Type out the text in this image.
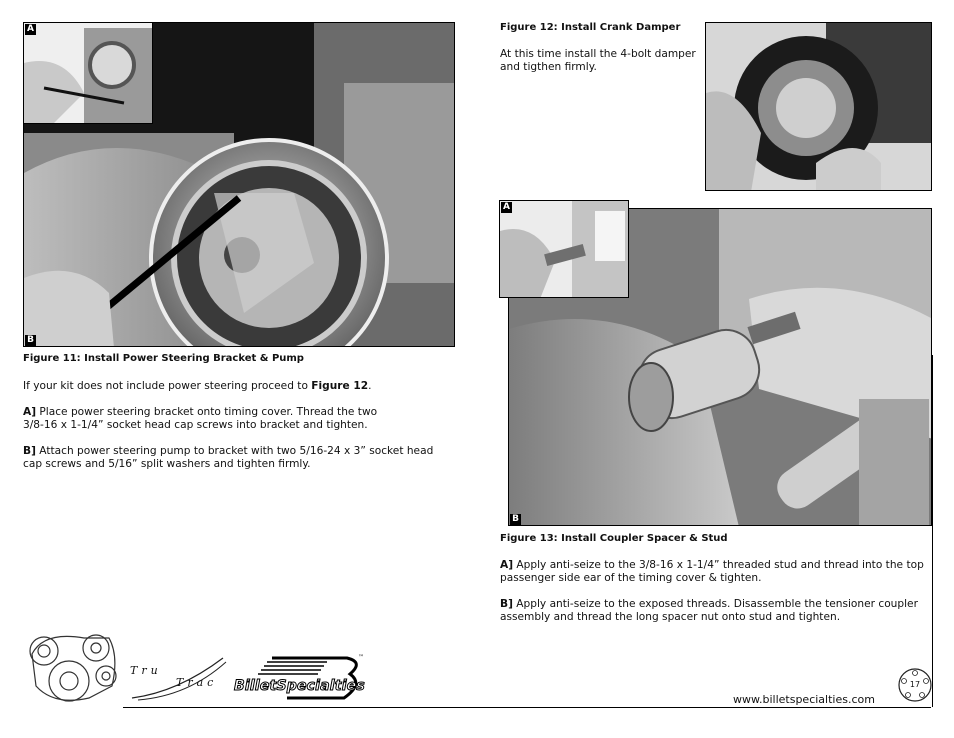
A
B
Figure 11: Install Power Steering Bracket & Pump
If your kit does not include power steering proceed to Figure 12.
A] Place power steering bracket onto timing cover. Thread the two
3/8-16 x 1-1/4” socket head cap screws into bracket and tighten.
B] Attach power steering pump to bracket with two 5/16-24 x 3” socket head
cap screws and 5/16” split washers and tighten firmly.
Figure 12: Install Crank Damper
At this time install the 4-bolt damper
and tigthen firmly.
B
A
Figure 13: Install Coupler Spacer & Stud
A] Apply anti-seize to the 3/8-16 x 1-1/4” threaded stud and thread into the top
passenger side ear of the timing cover & tighten.
B] Apply anti-seize to the exposed threads. Disassemble the tensioner coupler
assembly and thread the long spacer nut onto stud and tighten.
Tru
Trac BilletSpecialties
™
www.billetspecialties.com
17
